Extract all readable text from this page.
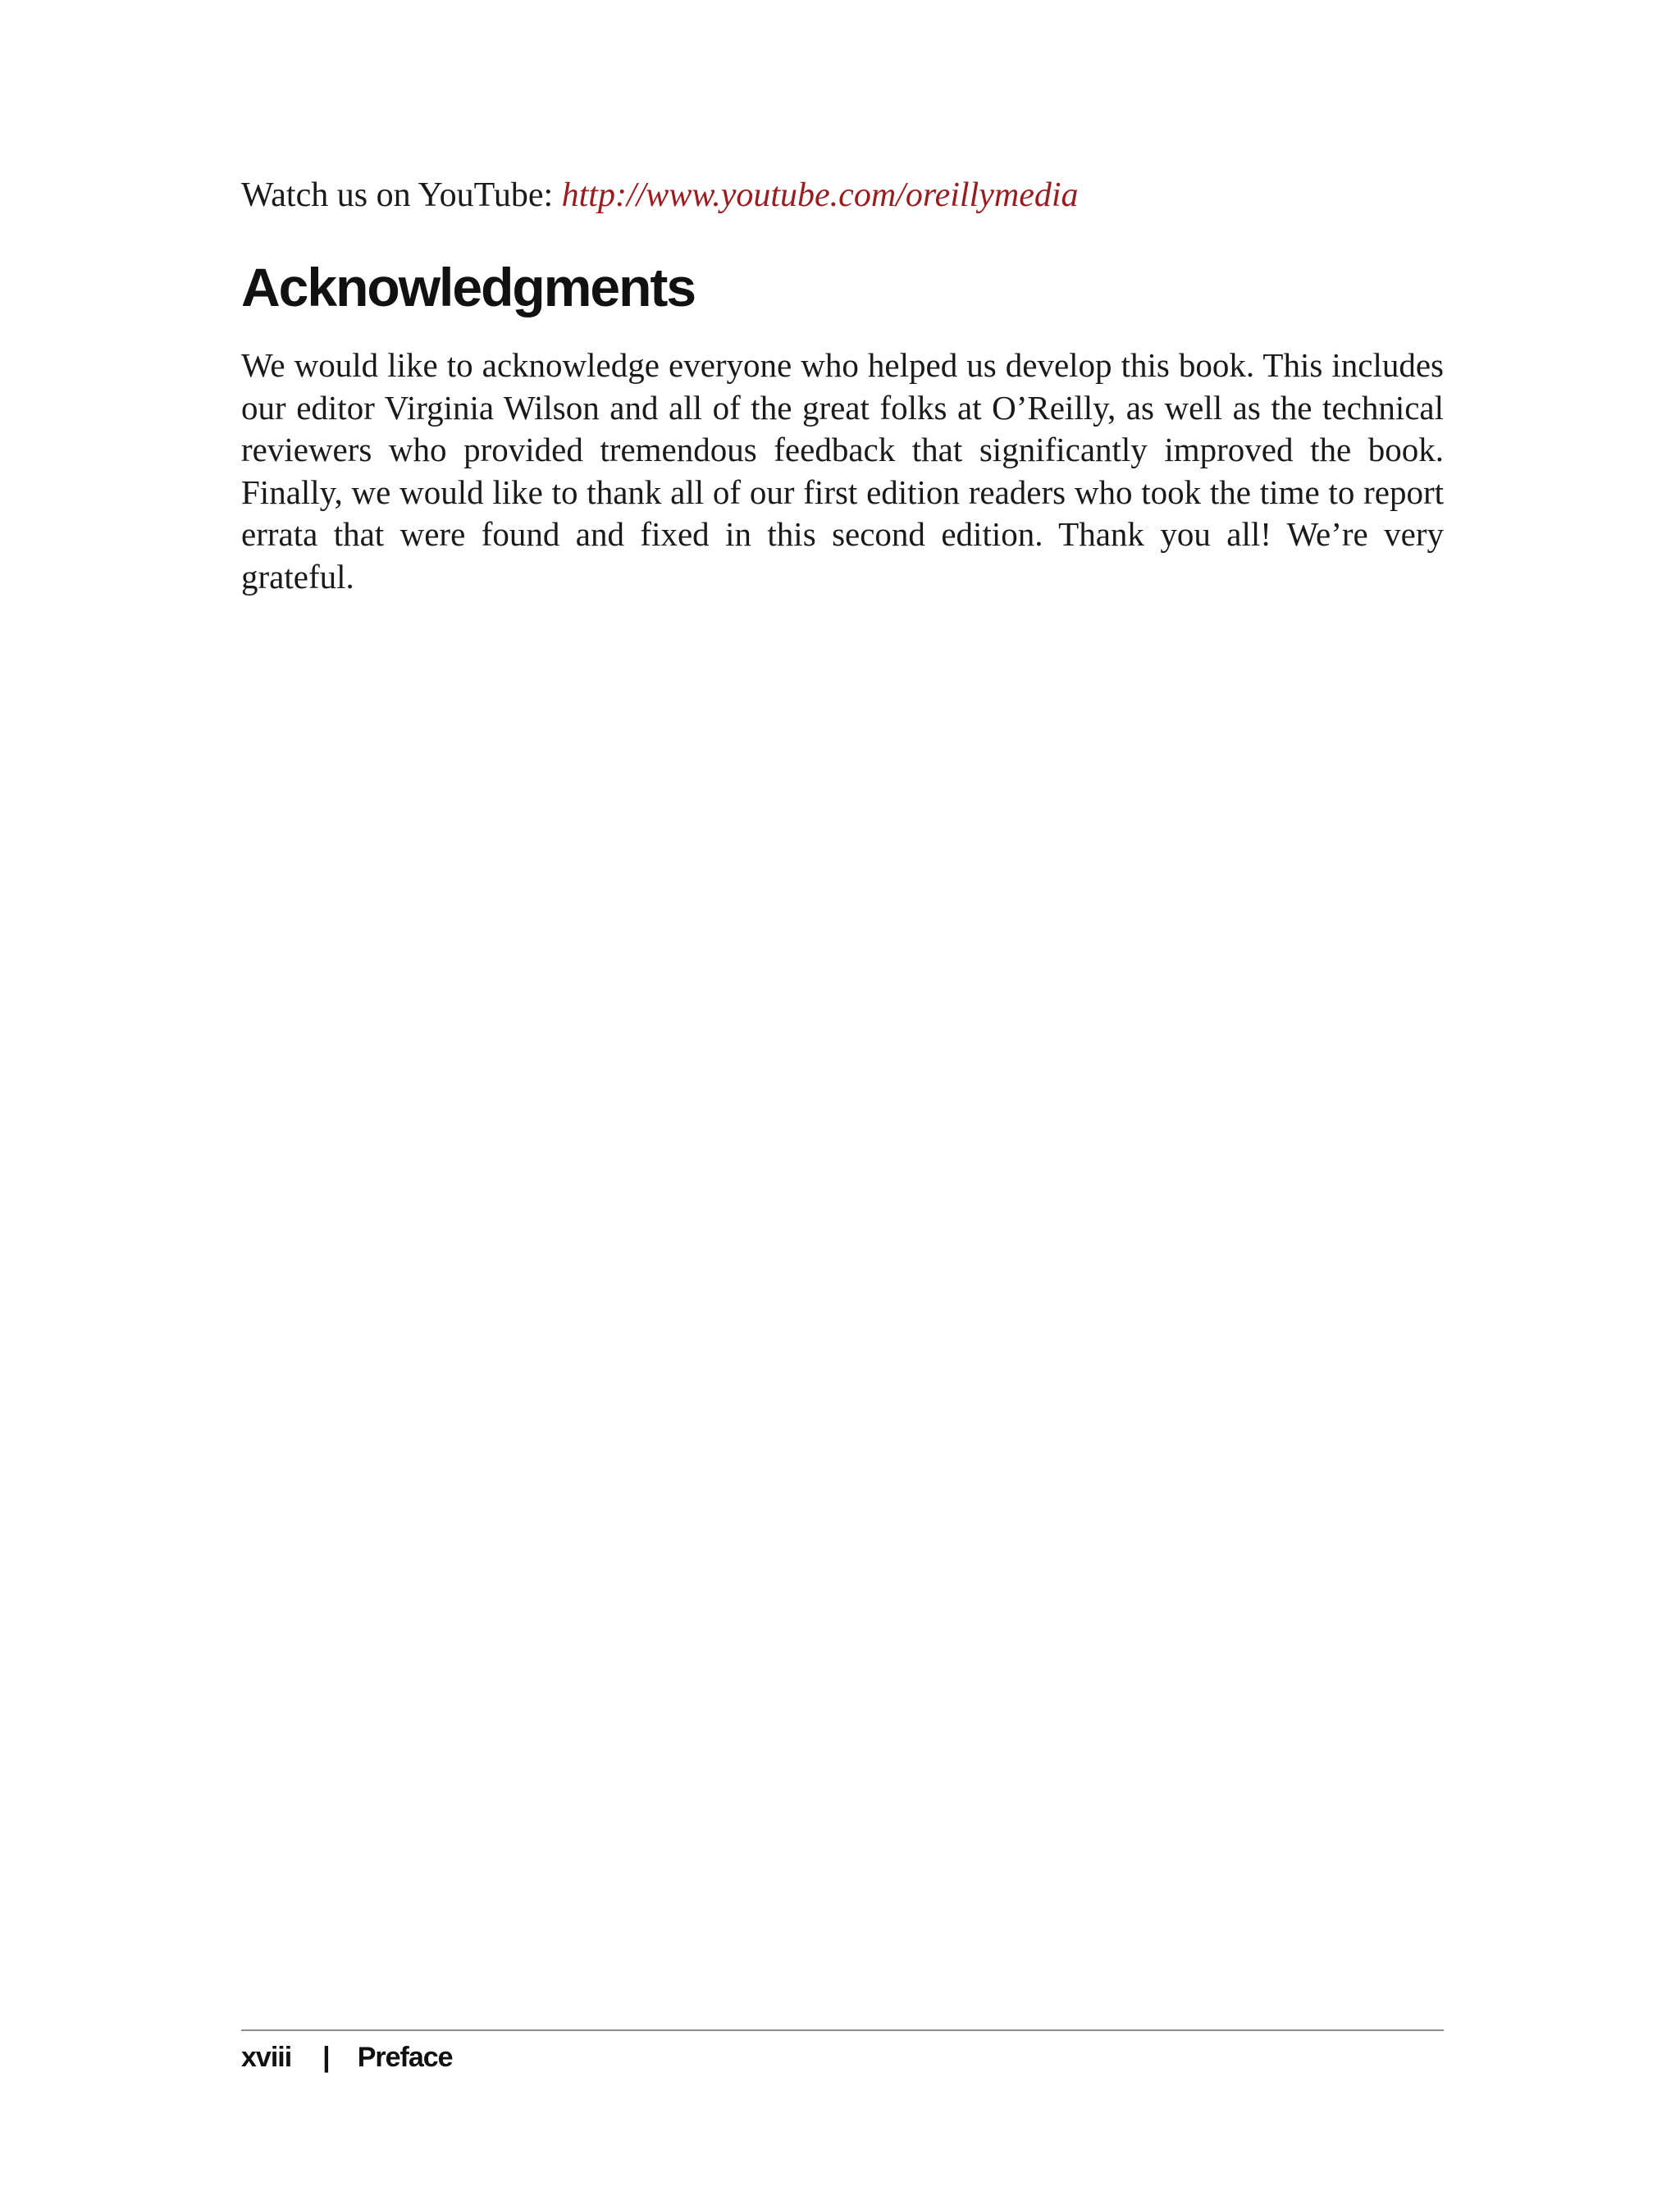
Watch us on YouTube: http://www.youtube.com/oreillymedia
Acknowledgments

We would like to acknowledge everyone who helped us develop this book. This includes our editor Virginia Wilson and all of the great folks at O’Reilly, as well as the technical reviewers who provided tremendous feedback that significantly improved the book. Finally, we would like to thank all of our first edition readers who took the time to report errata that were found and fixed in this second edition. Thank you all! We’re very grateful.

xviii | Preface
